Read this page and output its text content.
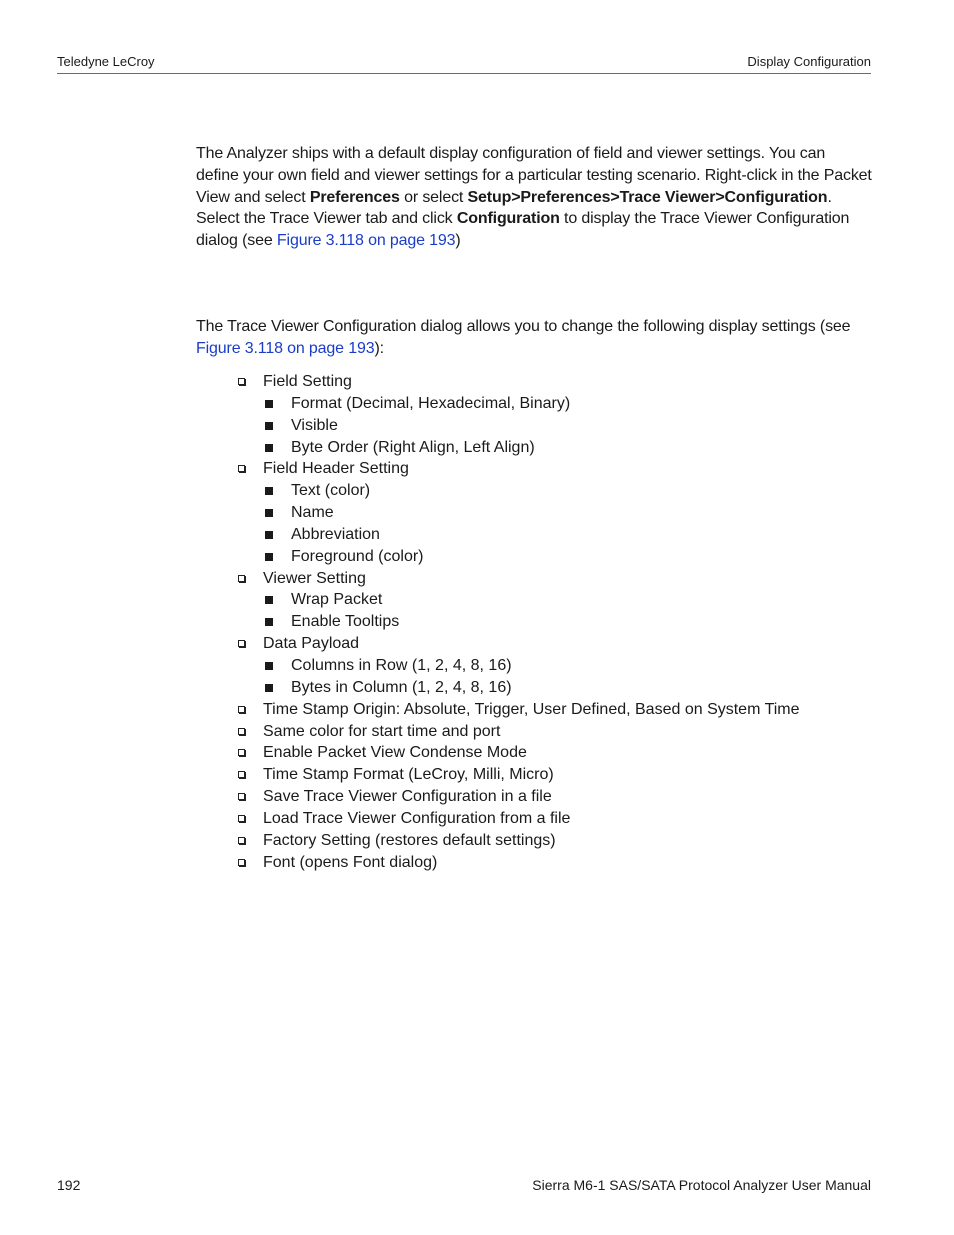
Teledyne LeCroy	Display Configuration

The Analyzer ships with a default display configuration of field and viewer settings. You can define your own field and viewer settings for a particular testing scenario. Right-click in the Packet View and select Preferences or select Setup>Preferences>Trace Viewer>Configuration. Select the Trace Viewer tab and click Configuration to display the Trace Viewer Configuration dialog (see Figure 3.118 on page 193)

The Trace Viewer Configuration dialog allows you to change the following display settings (see Figure 3.118 on page 193):

Field Setting
Format (Decimal, Hexadecimal, Binary)
Visible
Byte Order (Right Align, Left Align)
Field Header Setting
Text (color)
Name
Abbreviation
Foreground (color)
Viewer Setting
Wrap Packet
Enable Tooltips
Data Payload
Columns in Row (1, 2, 4, 8, 16)
Bytes in Column (1, 2, 4, 8, 16)
Time Stamp Origin: Absolute, Trigger, User Defined, Based on System Time
Same color for start time and port
Enable Packet View Condense Mode
Time Stamp Format (LeCroy, Milli, Micro)
Save Trace Viewer Configuration in a file
Load Trace Viewer Configuration from a file
Factory Setting (restores default settings)
Font (opens Font dialog)
192	Sierra M6-1 SAS/SATA Protocol Analyzer User Manual
